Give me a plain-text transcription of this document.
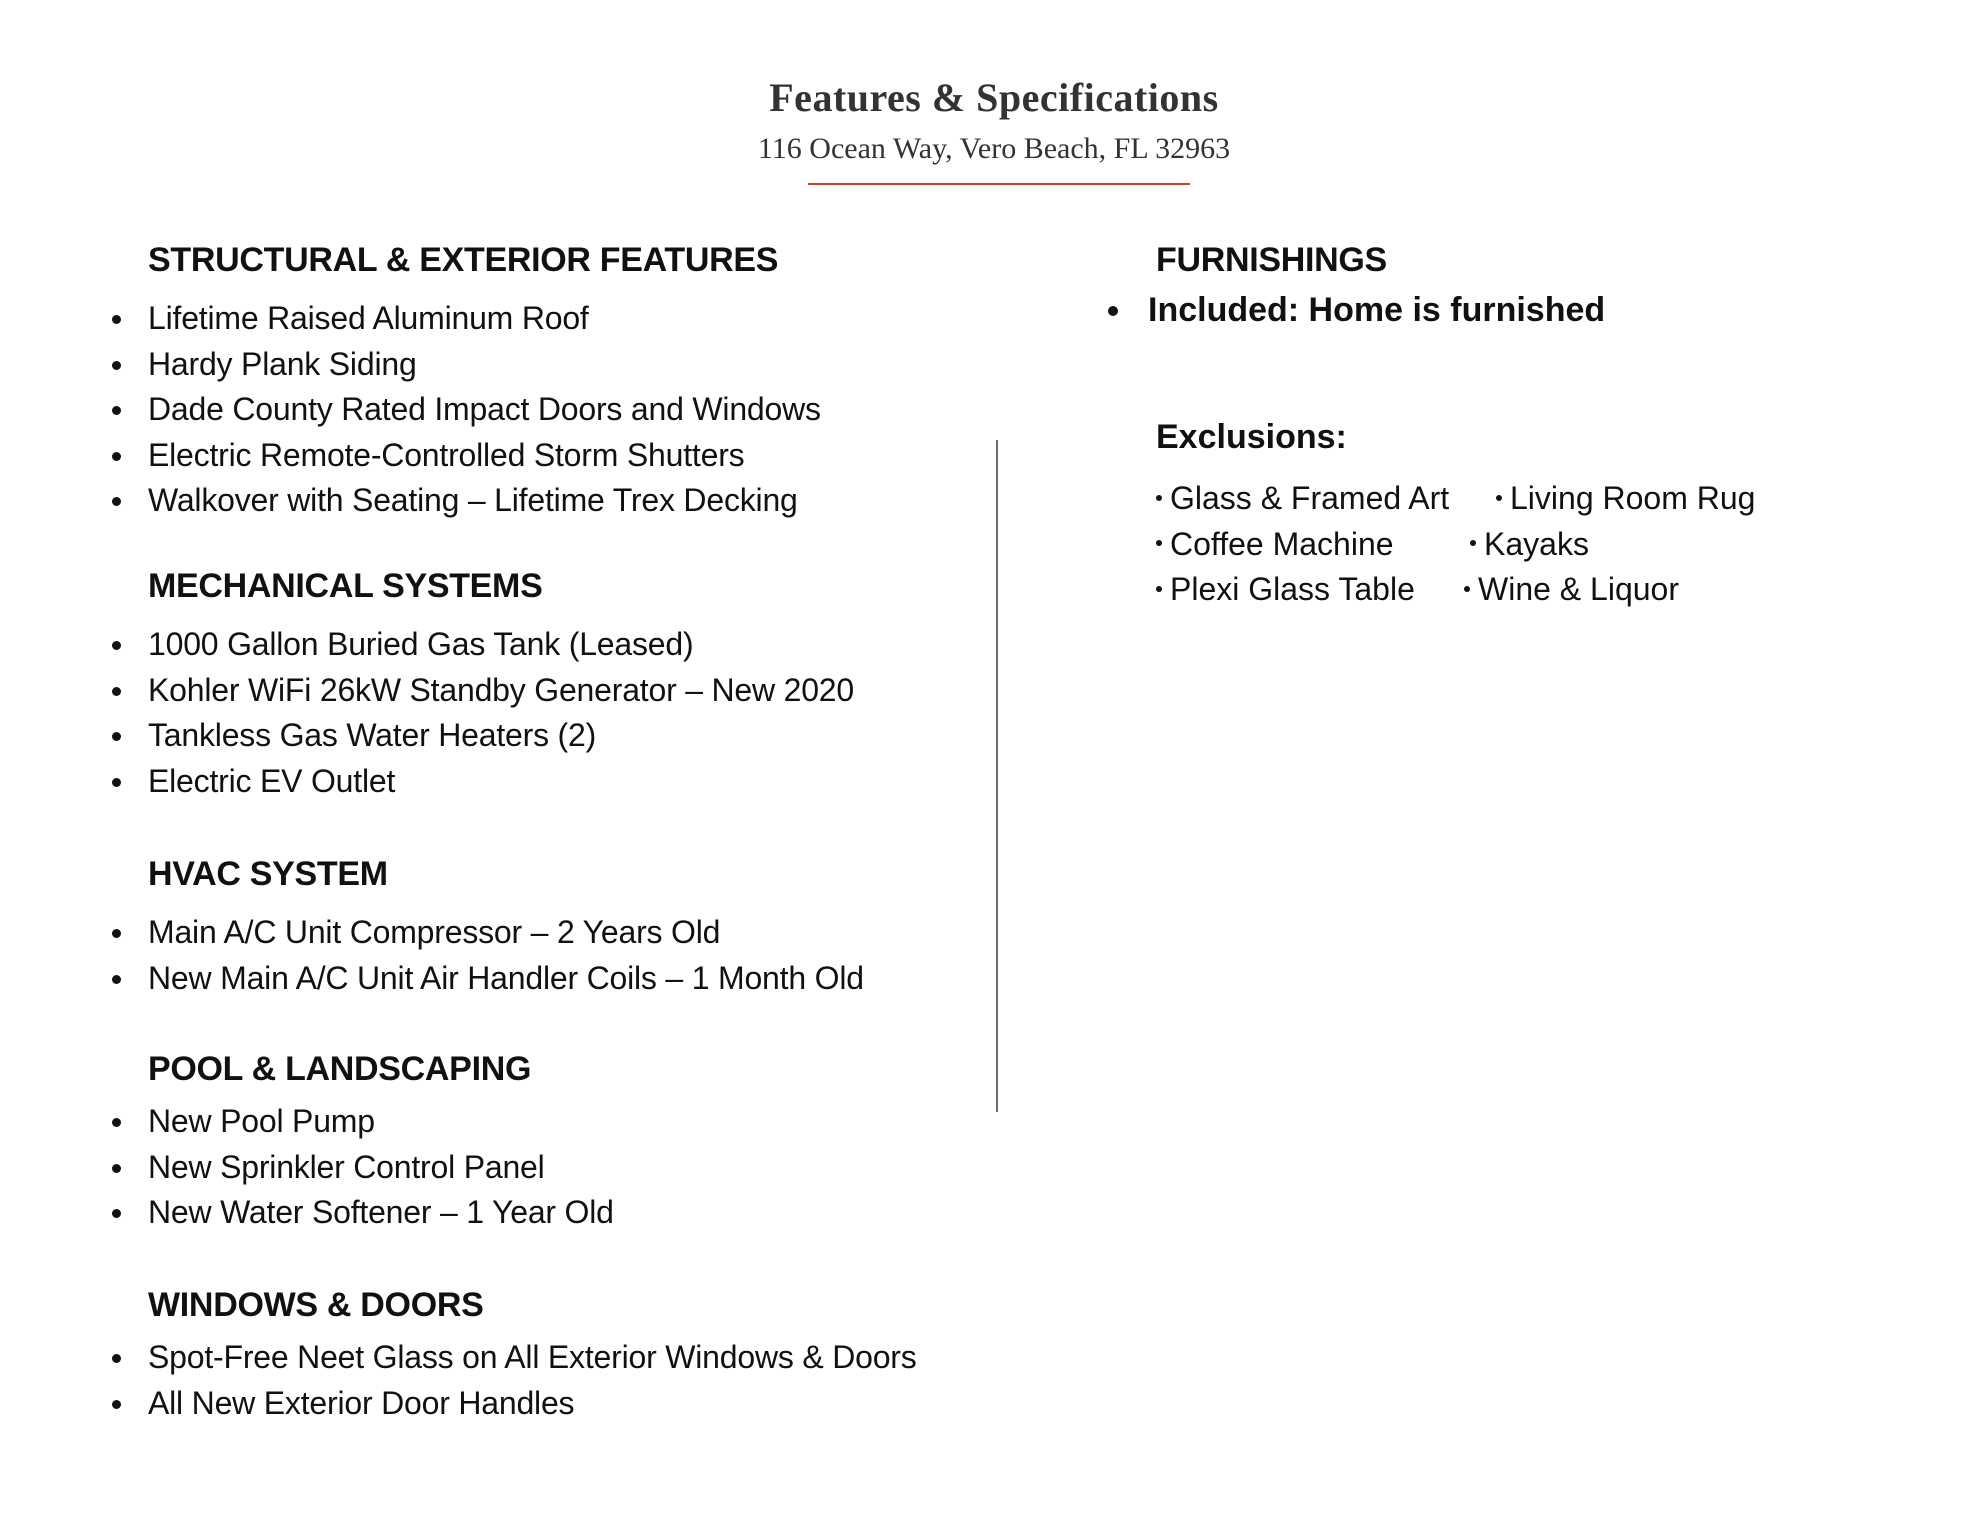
Features & Specifications
116 Ocean Way, Vero Beach, FL 32963
STRUCTURAL & EXTERIOR FEATURES
Lifetime Raised Aluminum Roof
Hardy Plank Siding
Dade County Rated Impact Doors and Windows
Electric Remote-Controlled Storm Shutters
Walkover with Seating – Lifetime Trex Decking
MECHANICAL SYSTEMS
1000 Gallon Buried Gas Tank (Leased)
Kohler WiFi 26kW Standby Generator – New 2020
Tankless Gas Water Heaters (2)
Electric EV Outlet
HVAC SYSTEM
Main A/C Unit Compressor – 2 Years Old
New Main A/C Unit Air Handler Coils – 1 Month Old
POOL & LANDSCAPING
New Pool Pump
New Sprinkler Control Panel
New Water Softener – 1 Year Old
WINDOWS & DOORS
Spot-Free Neet Glass on All Exterior Windows & Doors
All New Exterior Door Handles
FURNISHINGS
Included: Home is furnished
Exclusions:
Glass & Framed Art	Living Room Rug
Coffee Machine	Kayaks
Plexi Glass Table	Wine & Liquor
